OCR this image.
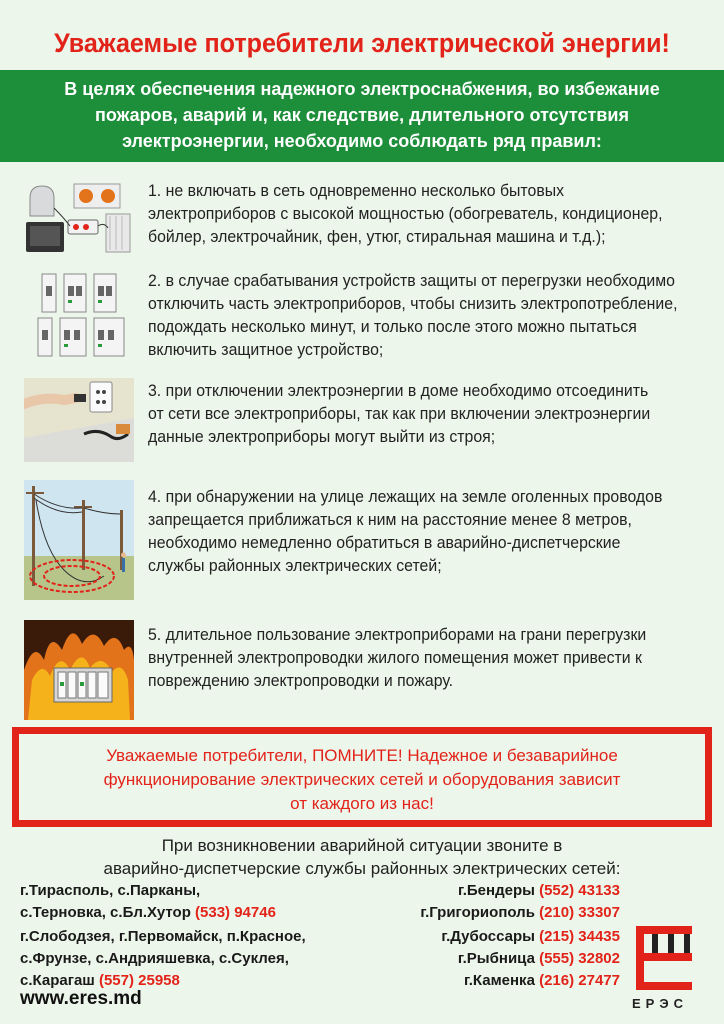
Уважаемые потребители электрической энергии!
В целях обеспечения надежного электроснабжения, во избежание
пожаров, аварий и, как следствие, длительного отсутствия
электроэнергии, необходимо соблюдать ряд правил:
1. не включать в сеть одновременно несколько бытовых
электроприборов с высокой мощностью (обогреватель, кондиционер,
бойлер, электрочайник, фен, утюг, стиральная машина и т.д.);
2. в случае срабатывания устройств защиты от перегрузки необходимо
отключить часть электроприборов, чтобы снизить электропотребление,
подождать несколько минут, и только после этого можно пытаться
включить защитное устройство;
3. при отключении электроэнергии в доме необходимо отсоединить
от сети все электроприборы, так как при включении электроэнергии
данные электроприборы могут выйти из строя;
4. при обнаружении на улице лежащих на земле оголенных проводов
запрещается приближаться к ним на расстояние менее 8 метров,
необходимо немедленно обратиться в аварийно-диспетчерские
службы районных электрических сетей;
5. длительное пользование электроприборами на грани перегрузки
внутренней электропроводки жилого помещения может привести к
повреждению электропроводки и пожару.
Уважаемые потребители, ПОМНИТЕ! Надежное и безаварийное
функционирование электрических сетей и оборудования зависит
от каждого из нас!
При возникновении аварийной ситуации звоните в
аварийно-диспетчерские службы районных электрических сетей:
г.Тирасполь, с.Парканы,
с.Терновка, с.Бл.Хутор (533) 94746
г.Слободзея, г.Первомайск, п.Красное,
с.Фрунзе, с.Андрияшевка, с.Суклея,
с.Карагаш (557) 25958
г.Бендеры (552) 43133
г.Григориополь (210) 33307
г.Дубоссары (215) 34435
г.Рыбница (555) 32802
г.Каменка (216) 27477
www.eres.md	ЕРЭС
